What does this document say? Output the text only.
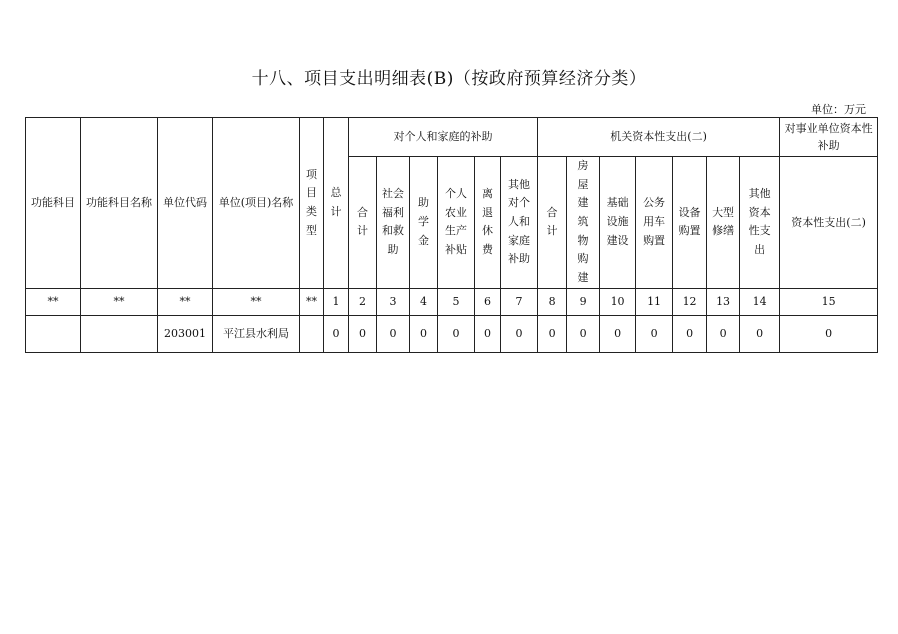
十八、项目支出明细表(B)（按政府预算经济分类）
单位：万元
功能科目	功能科目名称	单位代码	单位(项目)名称	项目类型	总计	对个人和家庭的补助						机关资本性支出(二)							对事业单位资本性补助
						合计	社会福利和救助	助学金	个人农业生产补贴	离退休费	其他对个人和家庭补助	合计	房屋建筑物购建	基础设施建设	公务用车购置	设备购置	大型修缮	其他资本性支出	资本性支出(二)
**	**	**	**	**	1	2	3	4	5	6	7	8	9	10	11	12	13	14	15
		203001	平江县水利局		0	0	0	0	0	0	0	0	0	0	0	0	0	0	0
